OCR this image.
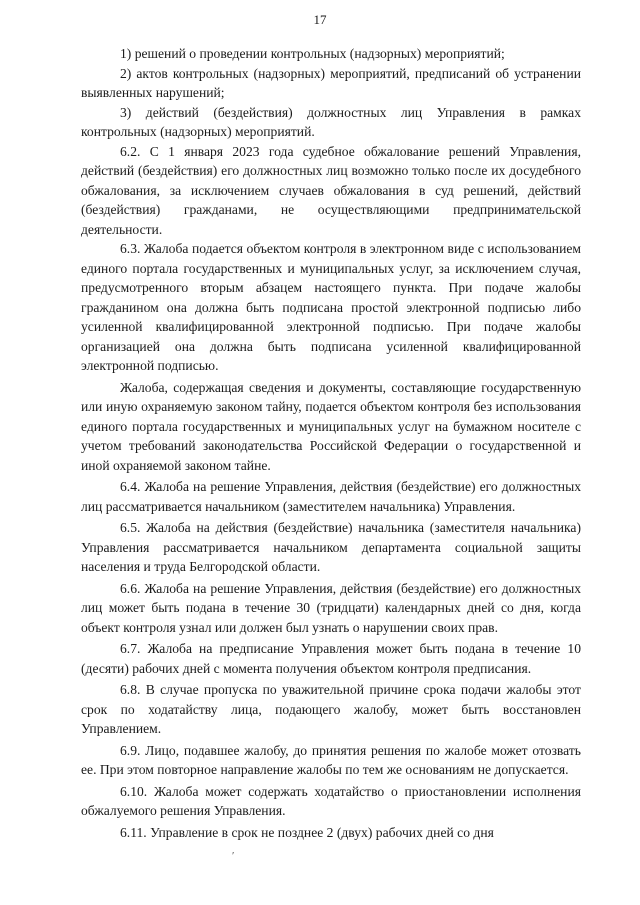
17

1) решений о проведении контрольных (надзорных) мероприятий;

2) актов контрольных (надзорных) мероприятий, предписаний об устранении выявленных нарушений;

3) действий (бездействия) должностных лиц Управления в рамках контрольных (надзорных) мероприятий.

6.2. С 1 января 2023 года судебное обжалование решений Управления, действий (бездействия) его должностных лиц возможно только после их досудебного обжалования, за исключением случаев обжалования в суд решений, действий (бездействия) гражданами, не осуществляющими предпринимательской деятельности.

6.3. Жалоба подается объектом контроля в электронном виде с использованием единого портала государственных и муниципальных услуг, за исключением случая, предусмотренного вторым абзацем настоящего пункта. При подаче жалобы гражданином она должна быть подписана простой электронной подписью либо усиленной квалифицированной электронной подписью. При подаче жалобы организацией она должна быть подписана усиленной квалифицированной электронной подписью.

Жалоба, содержащая сведения и документы, составляющие государственную или иную охраняемую законом тайну, подается объектом контроля без использования единого портала государственных и муниципальных услуг на бумажном носителе с учетом требований законодательства Российской Федерации о государственной и иной охраняемой законом тайне.

6.4. Жалоба на решение Управления, действия (бездействие) его должностных лиц рассматривается начальником (заместителем начальника) Управления.

6.5. Жалоба на действия (бездействие) начальника (заместителя начальника) Управления рассматривается начальником департамента социальной защиты населения и труда Белгородской области.

6.6. Жалоба на решение Управления, действия (бездействие) его должностных лиц может быть подана в течение 30 (тридцати) календарных дней со дня, когда объект контроля узнал или должен был узнать о нарушении своих прав.

6.7. Жалоба на предписание Управления может быть подана в течение 10 (десяти) рабочих дней с момента получения объектом контроля предписания.

6.8. В случае пропуска по уважительной причине срока подачи жалобы этот срок по ходатайству лица, подающего жалобу, может быть восстановлен Управлением.

6.9. Лицо, подавшее жалобу, до принятия решения по жалобе может отозвать ее. При этом повторное направление жалобы по тем же основаниям не допускается.

6.10. Жалоба может содержать ходатайство о приостановлении исполнения обжалуемого решения Управления.

6.11. Управление в срок не позднее 2 (двух) рабочих дней со дня

ʹ
